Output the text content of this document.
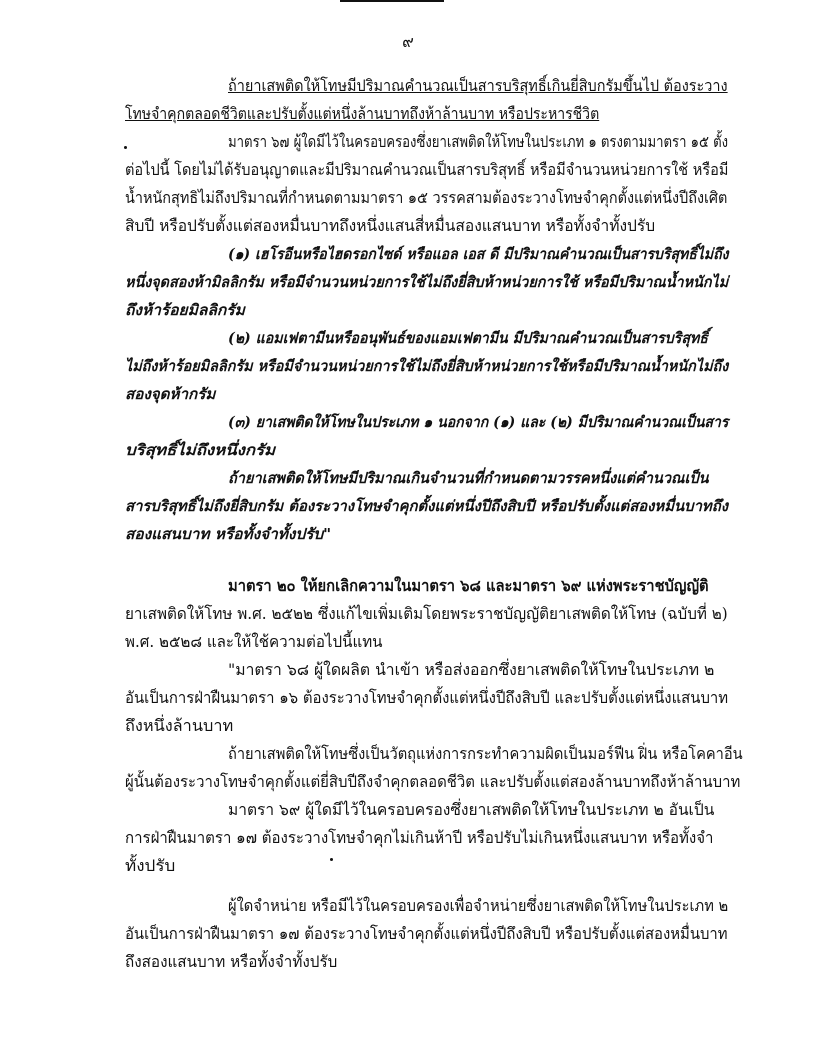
๙
ถ้ายาเสพติดให้โทษมีปริมาณคำนวณเป็นสารบริสุทธิ์เกินยี่สิบกรัมขึ้นไป ต้องระวาง
โทษจำคุกตลอดชีวิตและปรับตั้งแต่หนึ่งล้านบาทถึงห้าล้านบาท หรือประหารชีวิต
มาตรา ๖๗ ผู้ใดมีไว้ในครอบครองซึ่งยาเสพติดให้โทษในประเภท ๑ ตรงตามมาตรา ๑๕ ตั้ง
ต่อไปนี้ โดยไม่ได้รับอนุญาตและมีปริมาณคำนวณเป็นสารบริสุทธิ์ หรือมีจำนวนหน่วยการใช้ หรือมี
น้ำหนักสุทธิไม่ถึงปริมาณที่กำหนดตามมาตรา ๑๕ วรรคสามต้องระวางโทษจำคุกตั้งแต่หนึ่งปีถึงเศิต
สิบปี หรือปรับตั้งแต่สองหมื่นบาทถึงหนึ่งแสนสี่หมื่นสองแสนบาท หรือทั้งจำทั้งปรับ
(๑) เฮโรอีนหรือไฮดรอกไซด์ หรือแอล เอส ดี มีปริมาณคำนวณเป็นสารบริสุทธิ์ไม่ถึง
หนึ่งจุดสองห้ามิลลิกรัม หรือมีจำนวนหน่วยการใช้ไม่ถึงยี่สิบห้าหน่วยการใช้ หรือมีปริมาณน้ำหนักไม่
ถึงห้าร้อยมิลลิกรัม
(๒) แอมเฟตามีนหรืออนุพันธ์ของแอมเฟตามีน มีปริมาณคำนวณเป็นสารบริสุทธิ์
ไม่ถึงห้าร้อยมิลลิกรัม หรือมีจำนวนหน่วยการใช้ไม่ถึงยี่สิบห้าหน่วยการใช้หรือมีปริมาณน้ำหนักไม่ถึง
สองจุดห้ากรัม
(๓) ยาเสพติดให้โทษในประเภท ๑ นอกจาก (๑) และ (๒) มีปริมาณคำนวณเป็นสาร
บริสุทธิ์ไม่ถึงหนึ่งกรัม
ถ้ายาเสพติดให้โทษมีปริมาณเกินจำนวนที่กำหนดตามวรรคหนึ่งแต่คำนวณเป็น
สารบริสุทธิ์ไม่ถึงยี่สิบกรัม ต้องระวางโทษจำคุกตั้งแต่หนึ่งปีถึงสิบปี หรือปรับตั้งแต่สองหมื่นบาทถึง
สองแสนบาท หรือทั้งจำทั้งปรับ"
มาตรา ๒๐ ให้ยกเลิกความในมาตรา ๖๘ และมาตรา ๖๙ แห่งพระราชบัญญัติ
ยาเสพติดให้โทษ พ.ศ. ๒๕๒๒ ซึ่งแก้ไขเพิ่มเติมโดยพระราชบัญญัติยาเสพติดให้โทษ (ฉบับที่ ๒)
พ.ศ. ๒๕๒๘ และให้ใช้ความต่อไปนี้แทน
"มาตรา ๖๘ ผู้ใดผลิต นำเข้า หรือส่งออกซึ่งยาเสพติดให้โทษในประเภท ๒
อันเป็นการฝ่าฝืนมาตรา ๑๖ ต้องระวางโทษจำคุกตั้งแต่หนึ่งปีถึงสิบปี และปรับตั้งแต่หนึ่งแสนบาท
ถึงหนึ่งล้านบาท
ถ้ายาเสพติดให้โทษซึ่งเป็นวัตถุแห่งการกระทำความผิดเป็นมอร์ฟีน ฝิ่น หรือโคคาอีน
ผู้นั้นต้องระวางโทษจำคุกตั้งแต่ยี่สิบปีถึงจำคุกตลอดชีวิต และปรับตั้งแต่สองล้านบาทถึงห้าล้านบาท
มาตรา ๖๙ ผู้ใดมีไว้ในครอบครองซึ่งยาเสพติดให้โทษในประเภท ๒ อันเป็น
การฝ่าฝืนมาตรา ๑๗ ต้องระวางโทษจำคุกไม่เกินห้าปี หรือปรับไม่เกินหนึ่งแสนบาท หรือทั้งจำ
ทั้งปรับ
ผู้ใดจำหน่าย หรือมีไว้ในครอบครองเพื่อจำหน่ายซึ่งยาเสพติดให้โทษในประเภท ๒
อันเป็นการฝ่าฝืนมาตรา ๑๗ ต้องระวางโทษจำคุกตั้งแต่หนึ่งปีถึงสิบปี หรือปรับตั้งแต่สองหมื่นบาท
ถึงสองแสนบาท หรือทั้งจำทั้งปรับ
